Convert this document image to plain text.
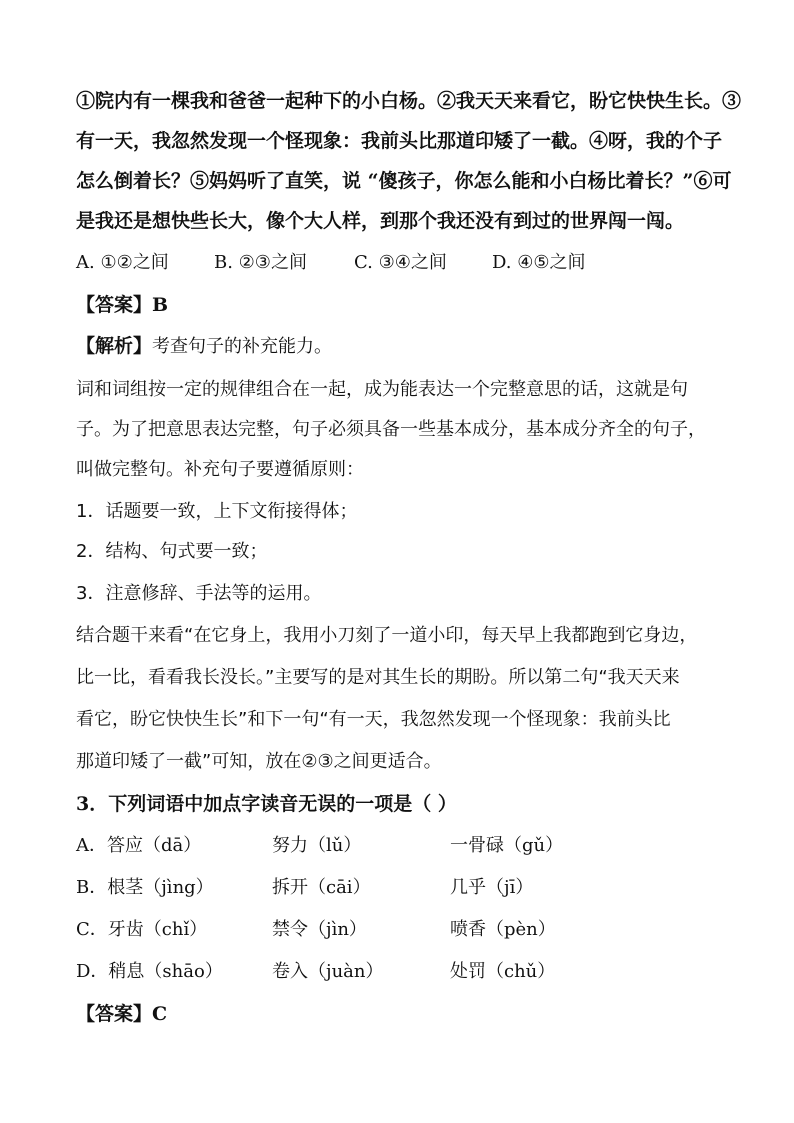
①院内有一棵我和爸爸一起种下的小白杨。②我天天来看它，盼它快快生长。③
有一天，我忽然发现一个怪现象：我前头比那道印矮了一截。④呀，我的个子
怎么倒着长？⑤妈妈听了直笑，说 “傻孩子，你怎么能和小白杨比着长？”⑥可
是我还是想快些长大，像个大人样，到那个我还没有到过的世界闯一闯。
A. ①②之间	B. ②③之间	C. ③④之间	D. ④⑤之间
【答案】B
【解析】考查句子的补充能力。
词和词组按一定的规律组合在一起，成为能表达一个完整意思的话，这就是句
子。为了把意思表达完整，句子必须具备一些基本成分，基本成分齐全的句子，
叫做完整句。补充句子要遵循原则：
1．话题要一致，上下文衔接得体；
2．结构、句式要一致；
3．注意修辞、手法等的运用。
结合题干来看“在它身上，我用小刀刻了一道小印，每天早上我都跑到它身边，
比一比，看看我长没长。”主要写的是对其生长的期盼。所以第二句“我天天来
看它，盼它快快生长”和下一句“有一天，我忽然发现一个怪现象：我前头比
那道印矮了一截”可知，放在②③之间更适合。
3．下列词语中加点字读音无误的一项是（ ）
A．答应（dā）	努力（lǔ）	一骨碌（gǔ）
B．根茎（jìng）	拆开（cāi）	几乎（jī）
C．牙齿（chǐ）	禁令（jìn）	喷香（pèn）
D．稍息（shāo）	卷入（juàn）	处罚（chǔ）
【答案】C
